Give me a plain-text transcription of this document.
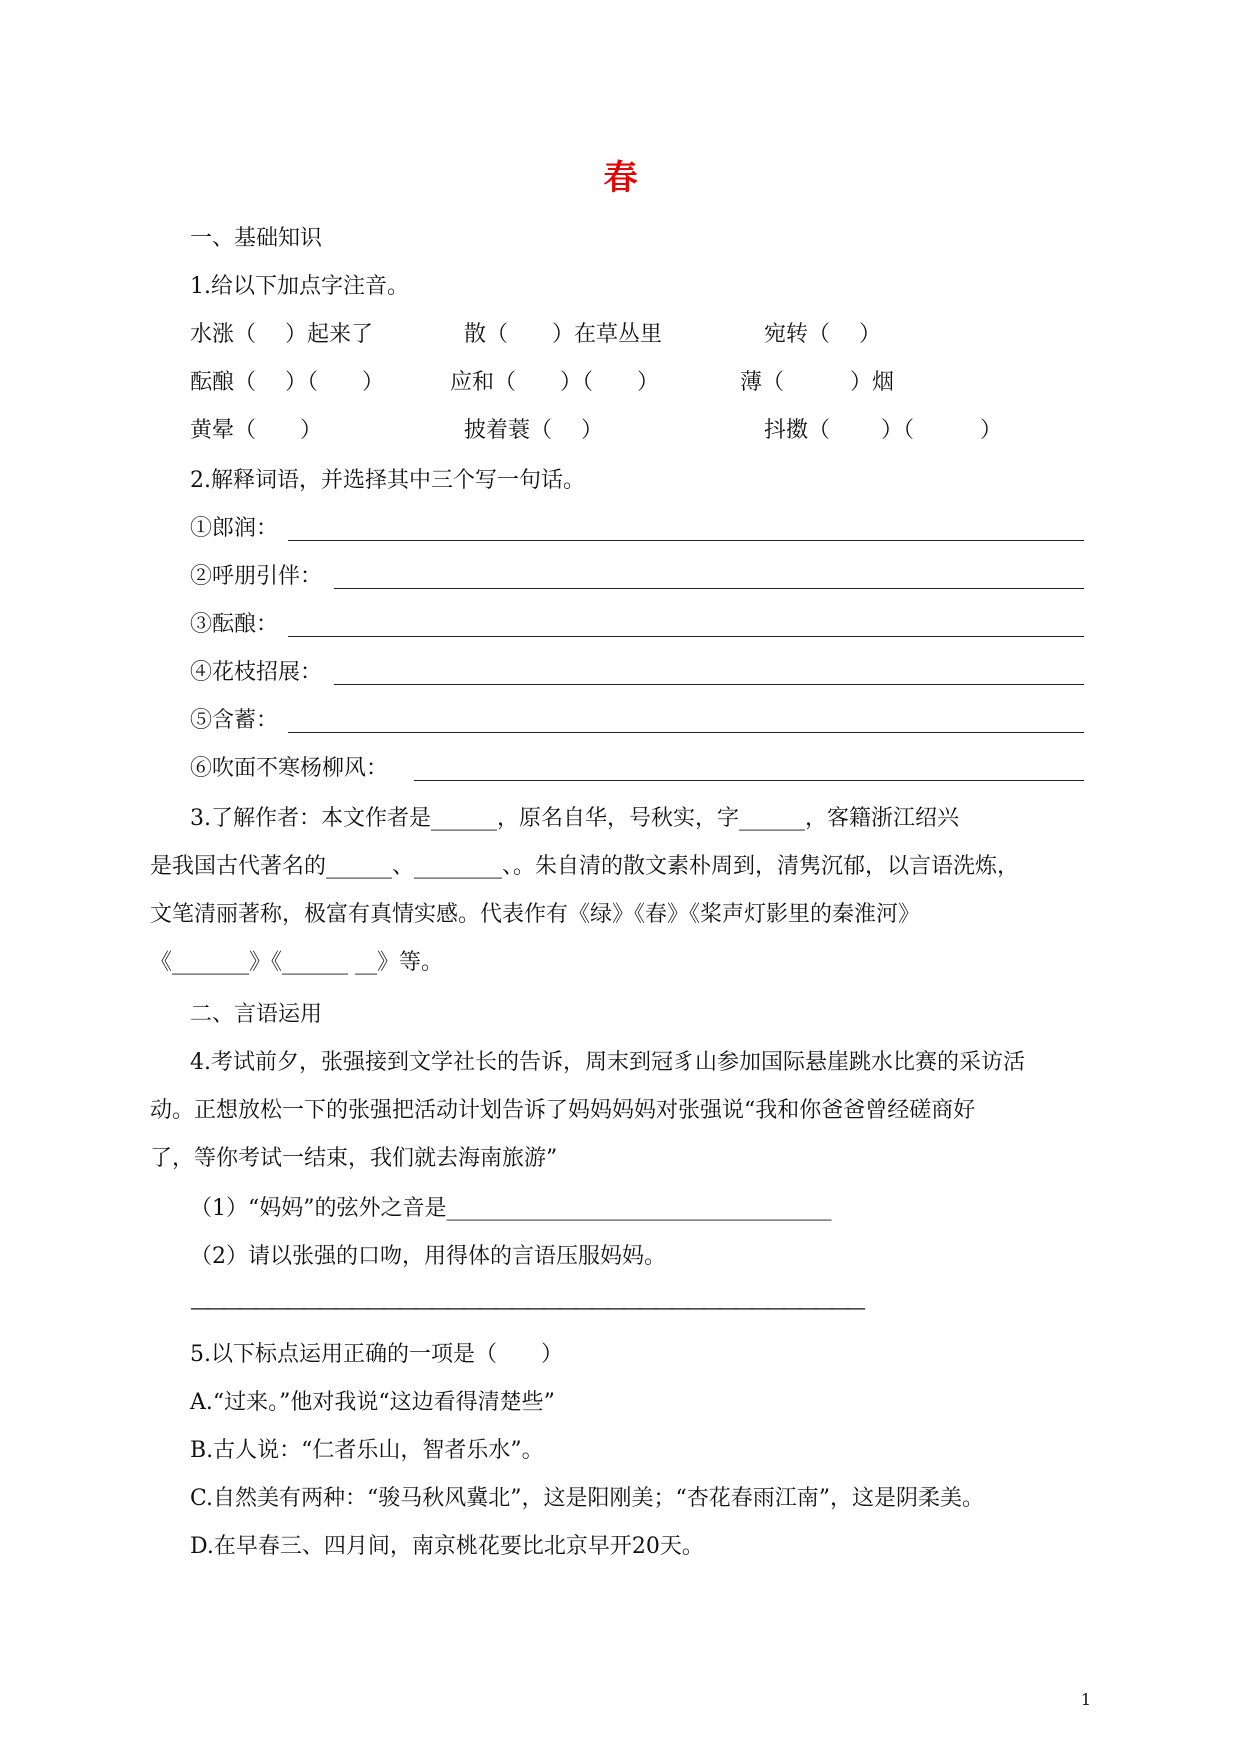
春
一、基础知识
1.给以下加点字注音。
水涨（　 ）起来了	散（　　）在草丛里	宛转（　 ）
酝酿（　 ）（　　）	应和（　　）（　　）	薄（　　　）烟
黄晕（　　）	披着蓑（　 ）	抖擞（　　 ）（　　　）
2.解释词语，并选择其中三个写一句话。
①郎润：
②呼朋引伴：
③酝酿：
④花枝招展：
⑤含蓄：
⑥吹面不寒杨柳风：
3.了解作者：本文作者是______，原名自华，号秋实，字______，客籍浙江绍兴
是我国古代著名的______、________、。朱自清的散文素朴周到，清隽沉郁，以言语洗炼，
文笔清丽著称，极富有真情实感。代表作有《绿》《春》《桨声灯影里的秦淮河》
《_______》《______ __》等。
二、言语运用
4.考试前夕，张强接到文学社长的告诉，周末到冠豸山参加国际悬崖跳水比赛的采访活
动。正想放松一下的张强把活动计划告诉了妈妈妈妈对张强说“我和你爸爸曾经磋商好
了，等你考试一结束，我们就去海南旅游”
（1）“妈妈”的弦外之音是___________________________________
（2）请以张强的口吻，用得体的言语压服妈妈。
——————————————————————————————————————————
5.以下标点运用正确的一项是（　　）
A.“过来。”他对我说“这边看得清楚些”
B.古人说：“仁者乐山，智者乐水”。
C.自然美有两种：“骏马秋风冀北”，这是阳刚美；“杏花春雨江南”，这是阴柔美。
D.在早春三、四月间，南京桃花要比北京早开20天。
1
